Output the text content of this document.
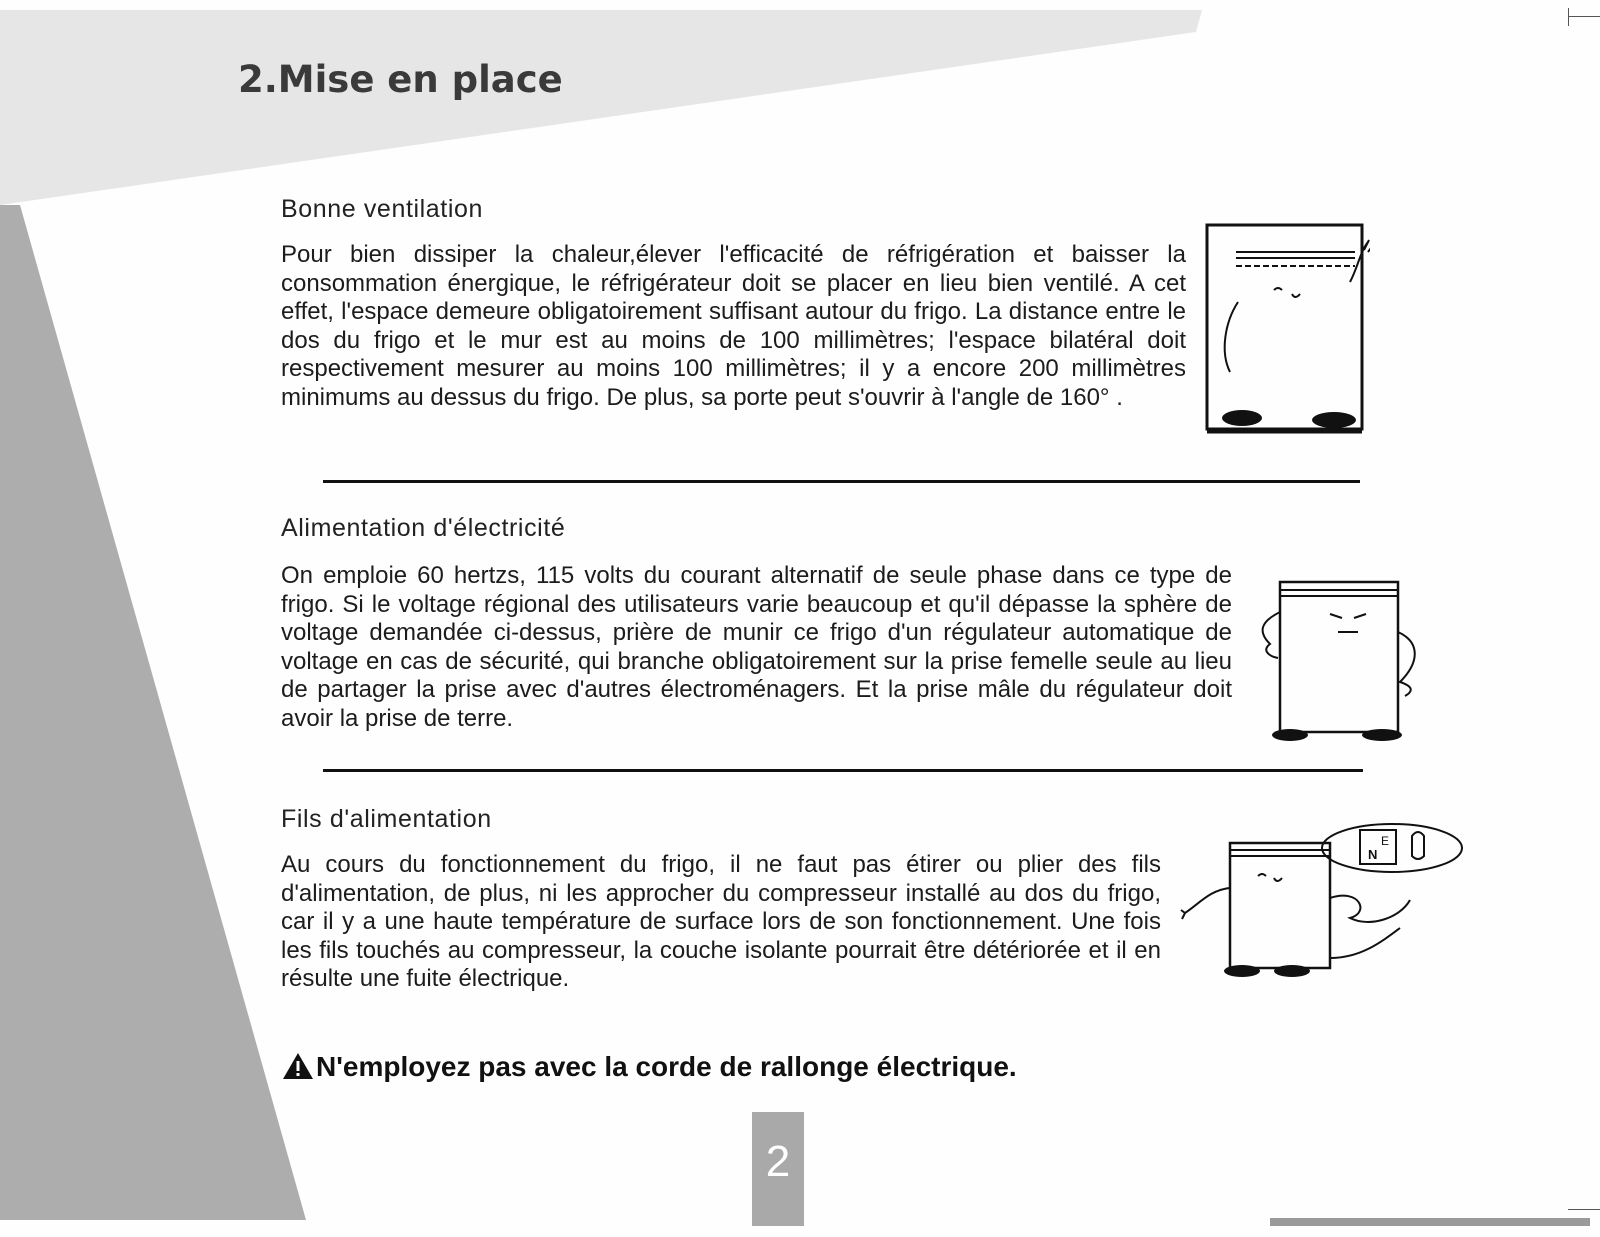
2.Mise en place
Bonne ventilation

Pour bien dissiper la chaleur,élever l'efficacité de réfrigération et baisser la consommation énergique, le réfrigérateur doit se placer en lieu bien ventilé. A cet effet, l'espace demeure obligatoirement suffisant autour du frigo. La distance entre le dos du frigo et le mur est au moins de 100 millimètres; l'espace bilatéral doit respectivement mesurer au moins 100 millimètres; il y a encore 200 millimètres minimums au dessus du frigo. De plus, sa porte peut s'ouvrir à l'angle de 160° .

Alimentation d'électricité

On emploie 60 hertzs, 115 volts du courant alternatif de seule phase dans ce type de frigo. Si le voltage régional des utilisateurs varie beaucoup et qu'il dépasse la sphère de voltage demandée ci-dessus, prière de munir ce frigo d'un régulateur automatique de voltage en cas de sécurité, qui branche obligatoirement sur la prise femelle seule au lieu de partager la prise avec d'autres électroménagers. Et la prise mâle du régulateur doit avoir la prise de terre.

Fils d'alimentation

Au cours du fonctionnement du frigo, il ne faut pas étirer ou plier des fils d'alimentation, de plus, ni les approcher du compresseur installé au dos du frigo, car il y a une haute température de surface lors de son fonctionnement. Une fois les fils touchés au compresseur, la couche isolante pourrait être détériorée et il en résulte une fuite électrique.

E
N

N'employez pas avec la corde de rallonge électrique.

2
